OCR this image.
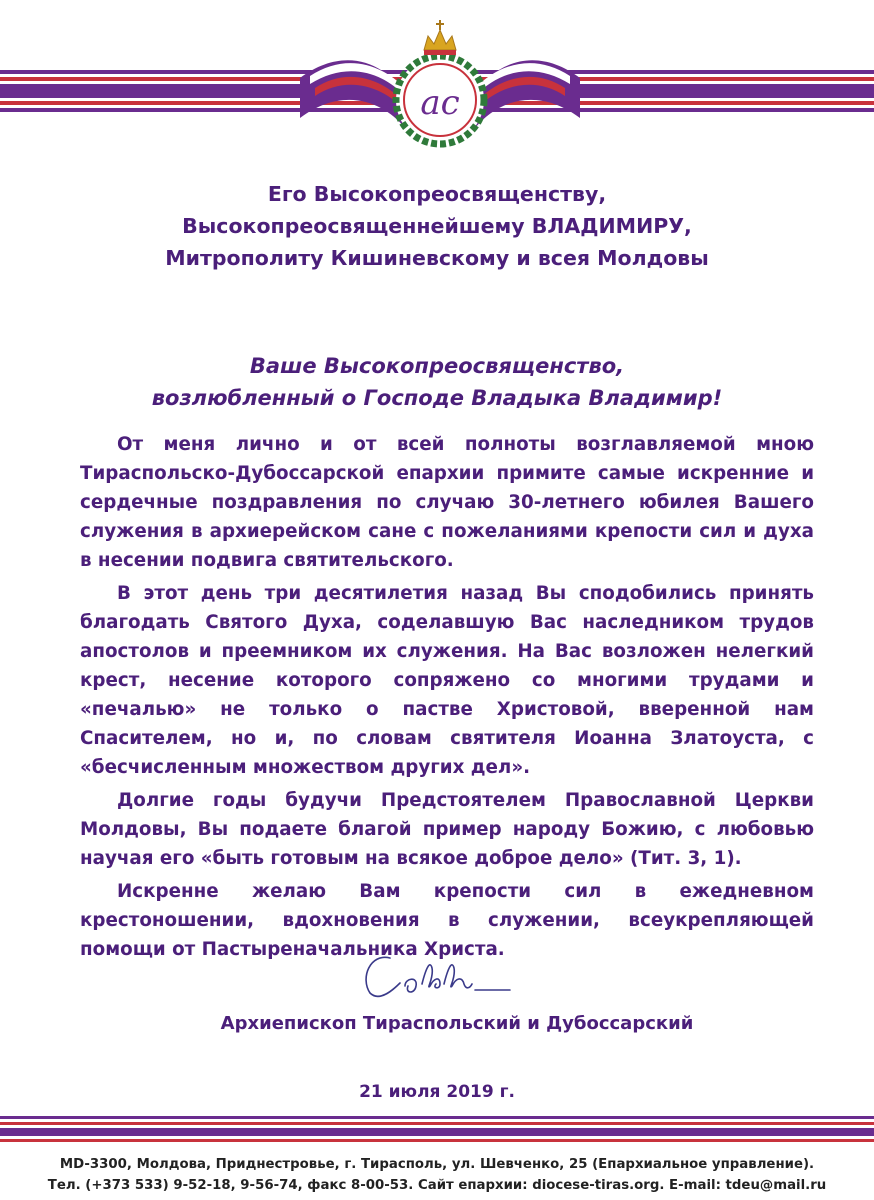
ac
Его Высокопреосвященству,
Высокопреосвященнейшему ВЛАДИМИРУ,
Митрополиту Кишиневскому и всея Молдовы
Ваше Высокопреосвященство,
возлюбленный о Господе Владыка Владимир!

От меня лично и от всей полноты возглавляемой мною Тираспольско-Дубоссарской епархии примите самые искренние и сердечные поздравления по случаю 30-летнего юбилея Вашего служения в архиерейском сане с пожеланиями крепости сил и духа в несении подвига святительского.

В этот день три десятилетия назад Вы сподобились принять благодать Святого Духа, соделавшую Вас наследником трудов апостолов и преемником их служения. На Вас возложен нелегкий крест, несение которого сопряжено со многими трудами и «печалью» не только о пастве Христовой, вверенной нам Спасителем, но и, по словам святителя Иоанна Златоуста, с «бесчисленным множеством других дел».

Долгие годы будучи Предстоятелем Православной Церкви Молдовы, Вы подаете благой пример народу Божию, с любовью научая его «быть готовым на всякое доброе дело» (Тит. 3, 1).

Искренне желаю Вам крепости сил в ежедневном крестоношении, вдохновения в служении, всеукрепляющей помощи от Пастыреначальника Христа.

Архиепископ Тираспольский и Дубоссарский
21 июля 2019 г.
MD-3300, Молдова, Приднестровье, г. Тирасполь, ул. Шевченко, 25 (Епархиальное управление).
Тел. (+373 533) 9-52-18, 9-56-74, факс 8-00-53. Сайт епархии: diocese-tiras.org. E-mail: tdeu@mail.ru
